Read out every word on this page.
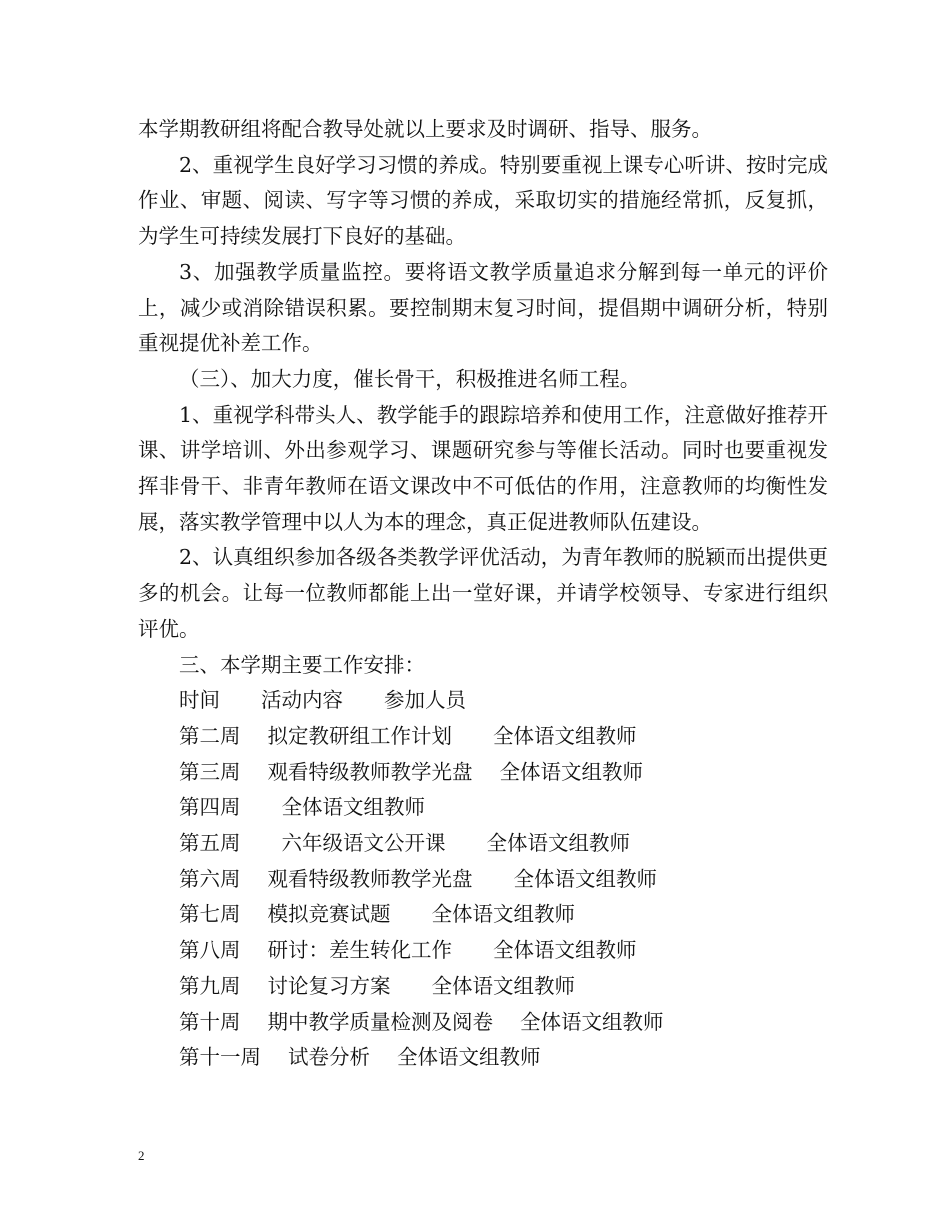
本学期教研组将配合教导处就以上要求及时调研、指导、服务。

2、重视学生良好学习习惯的养成。特别要重视上课专心听讲、按时完成作业、审题、阅读、写字等习惯的养成，采取切实的措施经常抓，反复抓，为学生可持续发展打下良好的基础。

3、加强教学质量监控。要将语文教学质量追求分解到每一单元的评价上，减少或消除错误积累。要控制期末复习时间，提倡期中调研分析，特别重视提优补差工作。

（三）、加大力度，催长骨干，积极推进名师工程。

1、重视学科带头人、教学能手的跟踪培养和使用工作，注意做好推荐开课、讲学培训、外出参观学习、课题研究参与等催长活动。同时也要重视发挥非骨干、非青年教师在语文课改中不可低估的作用，注意教师的均衡性发展，落实教学管理中以人为本的理念，真正促进教师队伍建设。

2、认真组织参加各级各类教学评优活动，为青年教师的脱颖而出提供更多的机会。让每一位教师都能上出一堂好课，并请学校领导、专家进行组织评优。

三、本学期主要工作安排：

时间　　活动内容　　参加人员

第二周　 拟定教研组工作计划　　全体语文组教师

第三周　 观看特级教师教学光盘　 全体语文组教师

第四周　　全体语文组教师

第五周　　六年级语文公开课　　全体语文组教师

第六周　 观看特级教师教学光盘　　全体语文组教师

第七周　 模拟竞赛试题　　全体语文组教师

第八周　 研讨：差生转化工作　　全体语文组教师

第九周　 讨论复习方案　　全体语文组教师

第十周　 期中教学质量检测及阅卷　 全体语文组教师

第十一周　 试卷分析　 全体语文组教师

2
